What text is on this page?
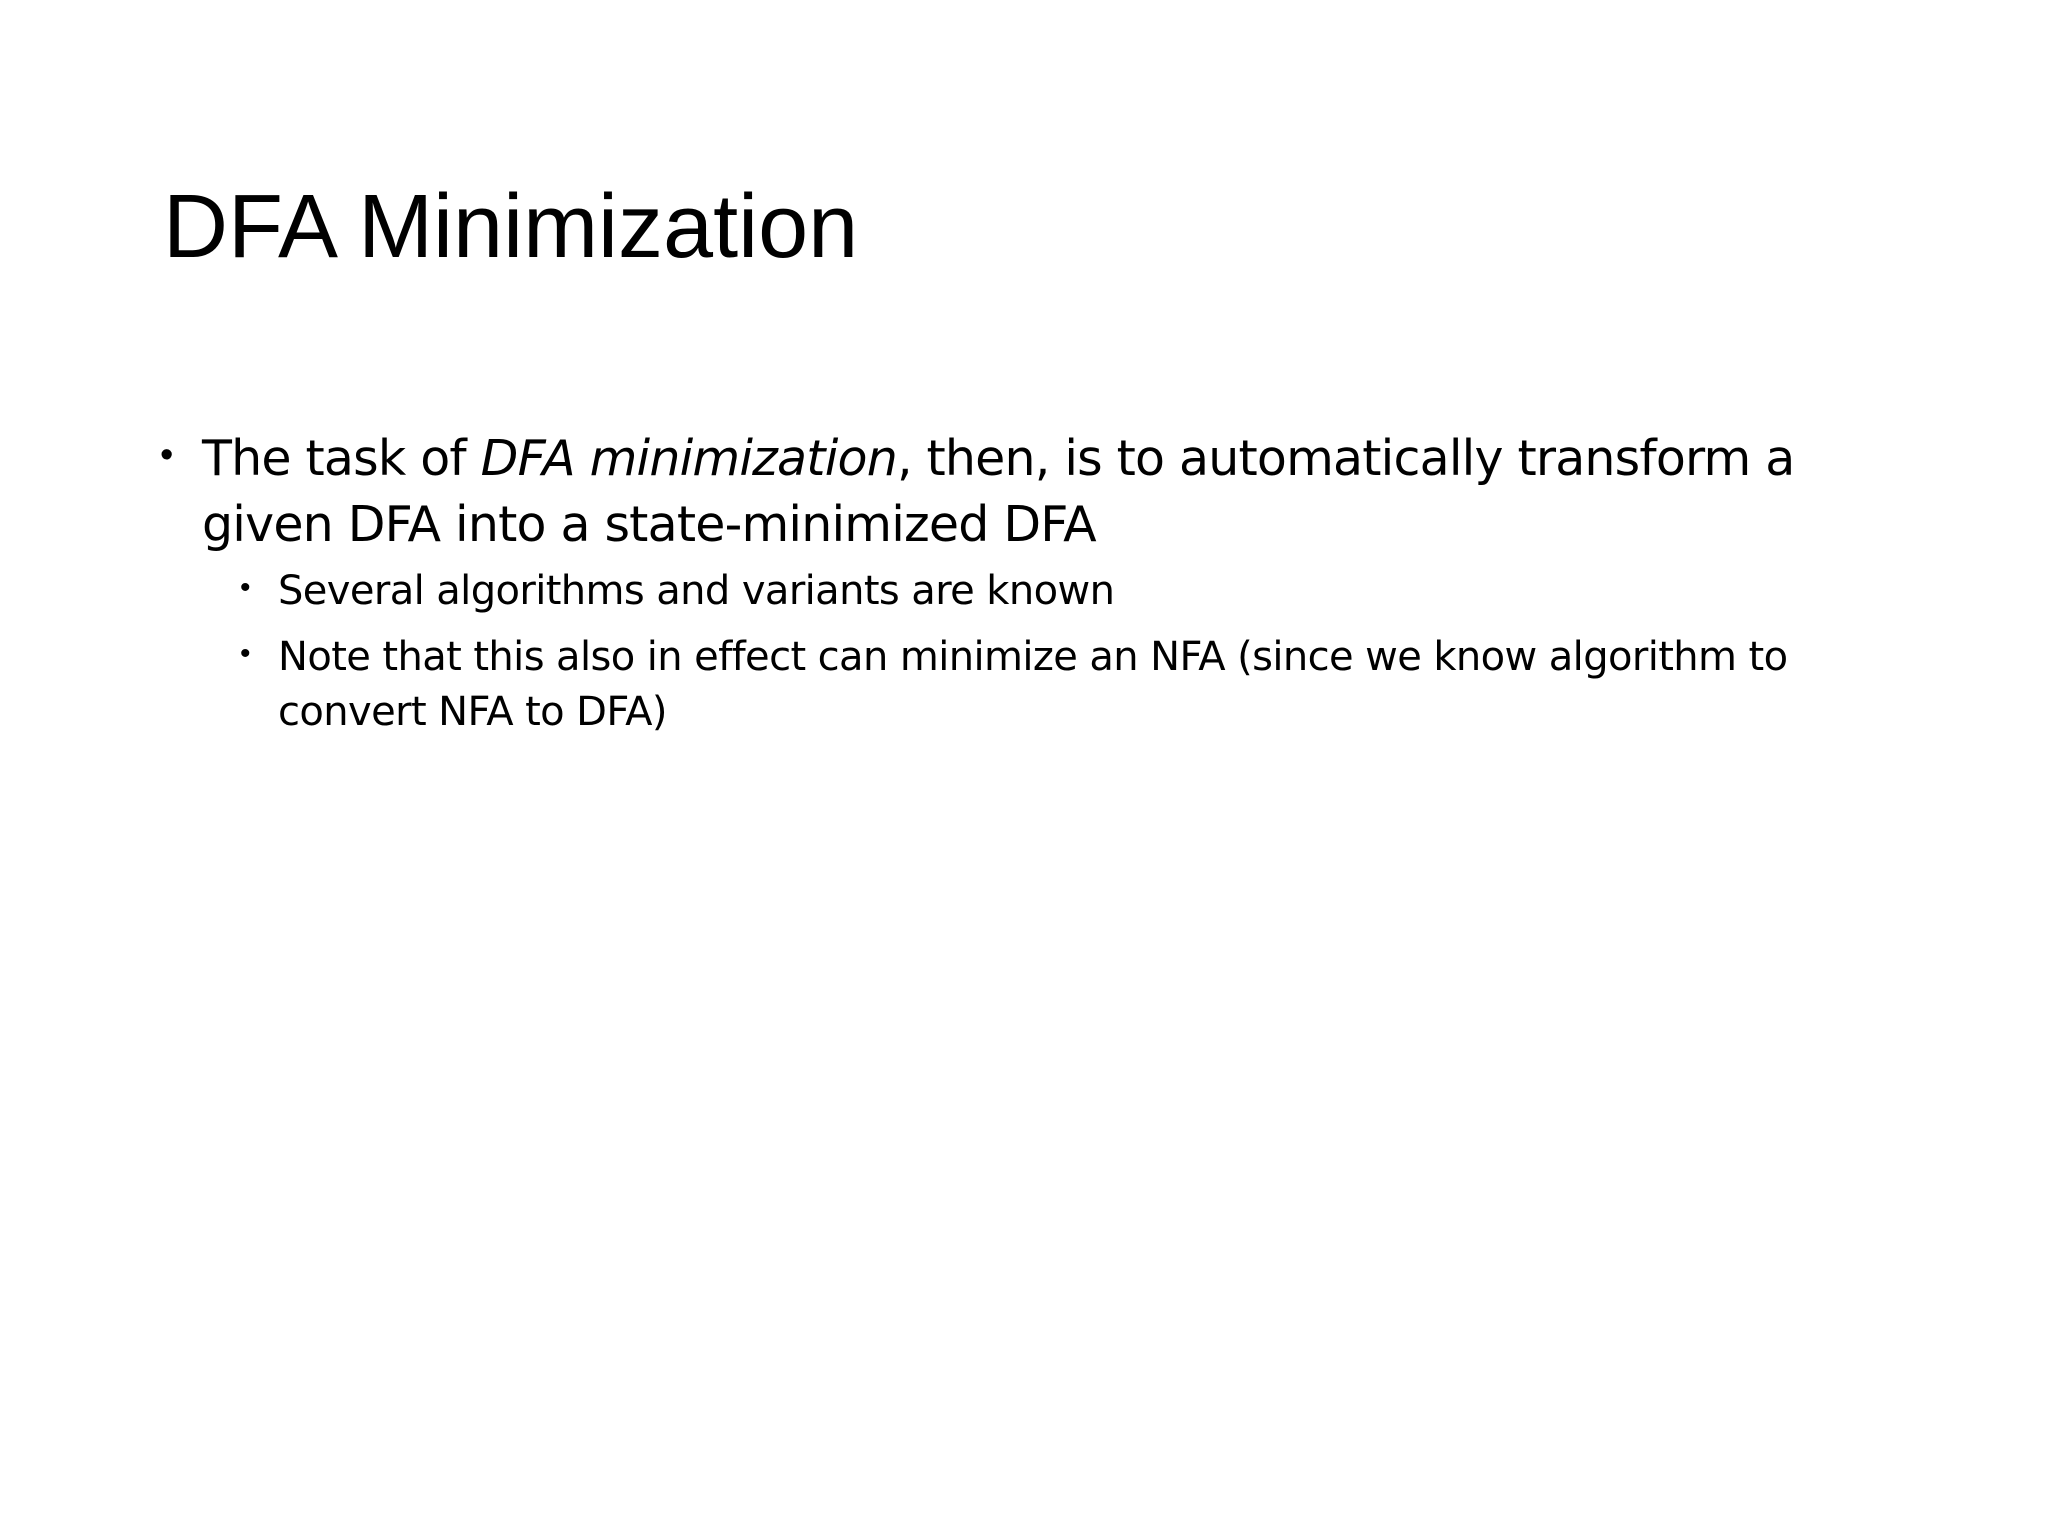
DFA Minimization
• The task of DFA minimization, then, is to automatically transform a given DFA into a state-minimized DFA
• Several algorithms and variants are known
• Note that this also in effect can minimize an NFA (since we know algorithm to convert NFA to DFA)
